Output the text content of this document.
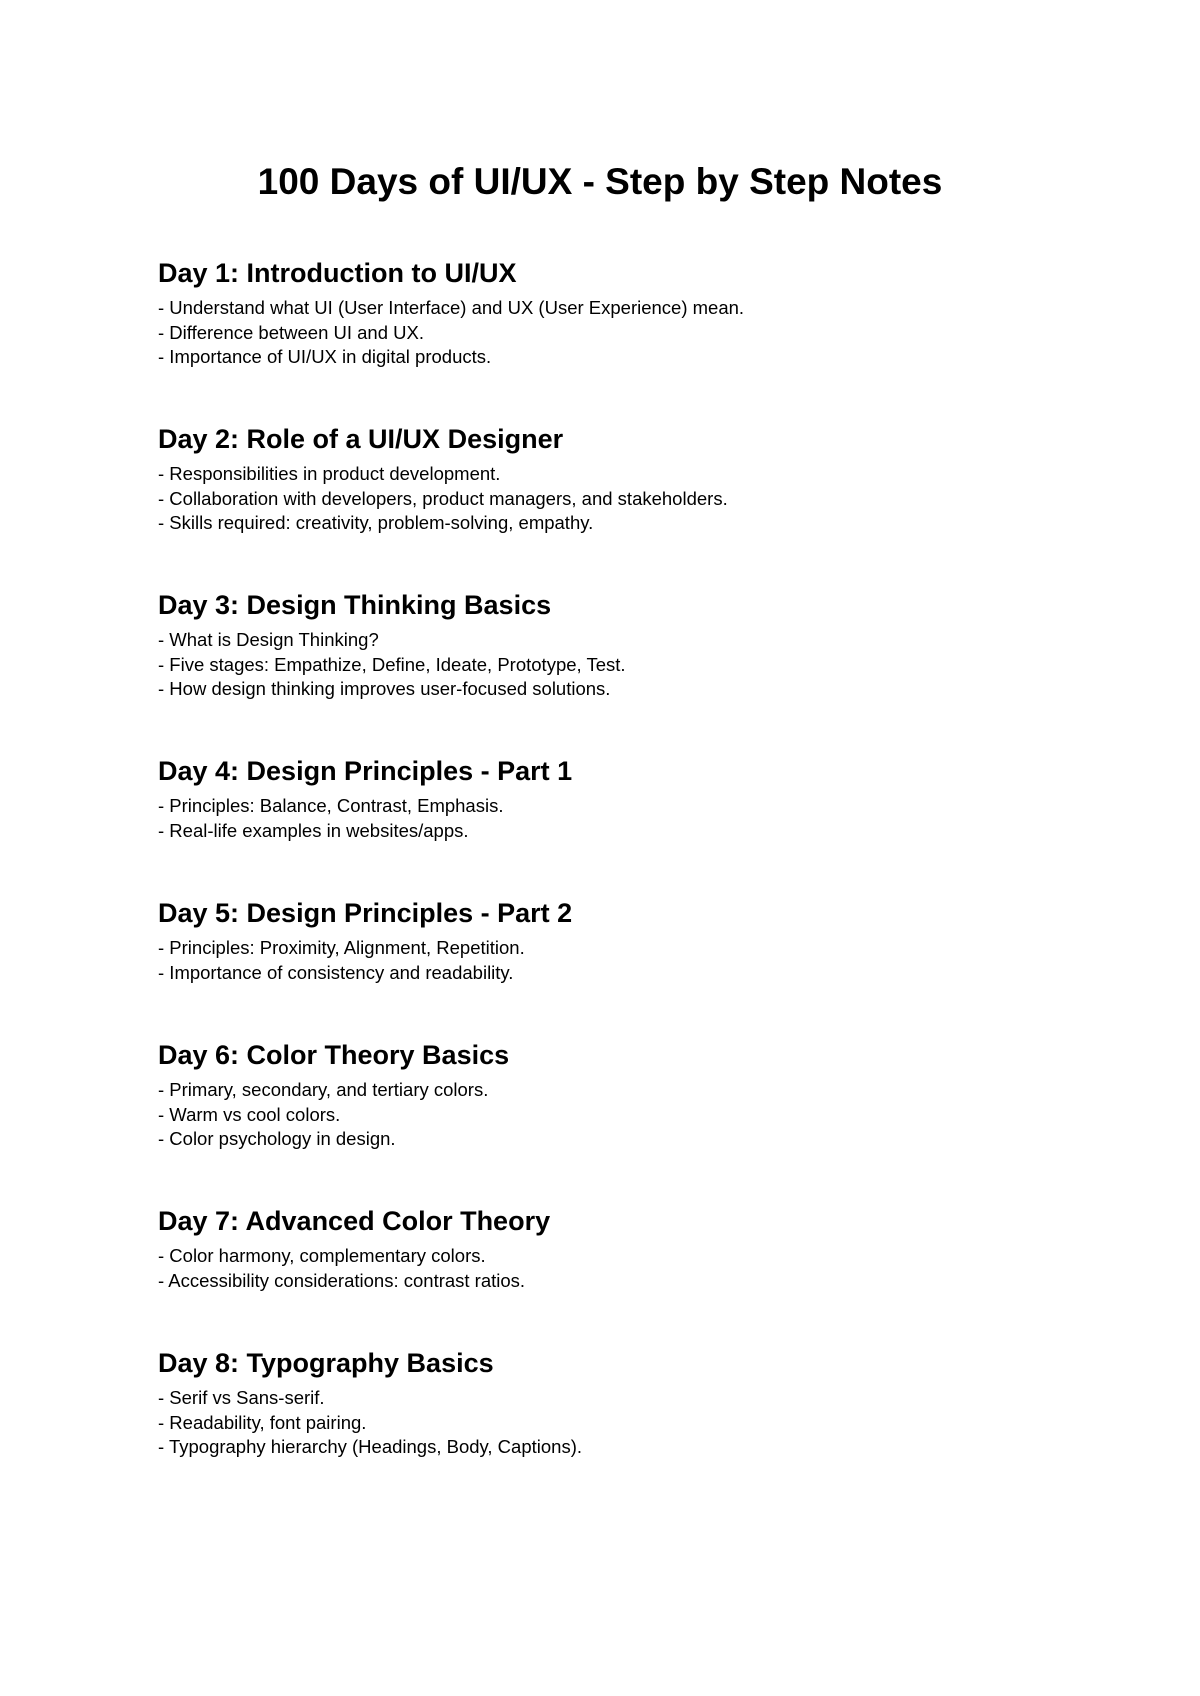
100 Days of UI/UX - Step by Step Notes
Day 1: Introduction to UI/UX
- Understand what UI (User Interface) and UX (User Experience) mean.
- Difference between UI and UX.
- Importance of UI/UX in digital products.
Day 2: Role of a UI/UX Designer
- Responsibilities in product development.
- Collaboration with developers, product managers, and stakeholders.
- Skills required: creativity, problem-solving, empathy.
Day 3: Design Thinking Basics
- What is Design Thinking?
- Five stages: Empathize, Define, Ideate, Prototype, Test.
- How design thinking improves user-focused solutions.
Day 4: Design Principles - Part 1
- Principles: Balance, Contrast, Emphasis.
- Real-life examples in websites/apps.
Day 5: Design Principles - Part 2
- Principles: Proximity, Alignment, Repetition.
- Importance of consistency and readability.
Day 6: Color Theory Basics
- Primary, secondary, and tertiary colors.
- Warm vs cool colors.
- Color psychology in design.
Day 7: Advanced Color Theory
- Color harmony, complementary colors.
- Accessibility considerations: contrast ratios.
Day 8: Typography Basics
- Serif vs Sans-serif.
- Readability, font pairing.
- Typography hierarchy (Headings, Body, Captions).
